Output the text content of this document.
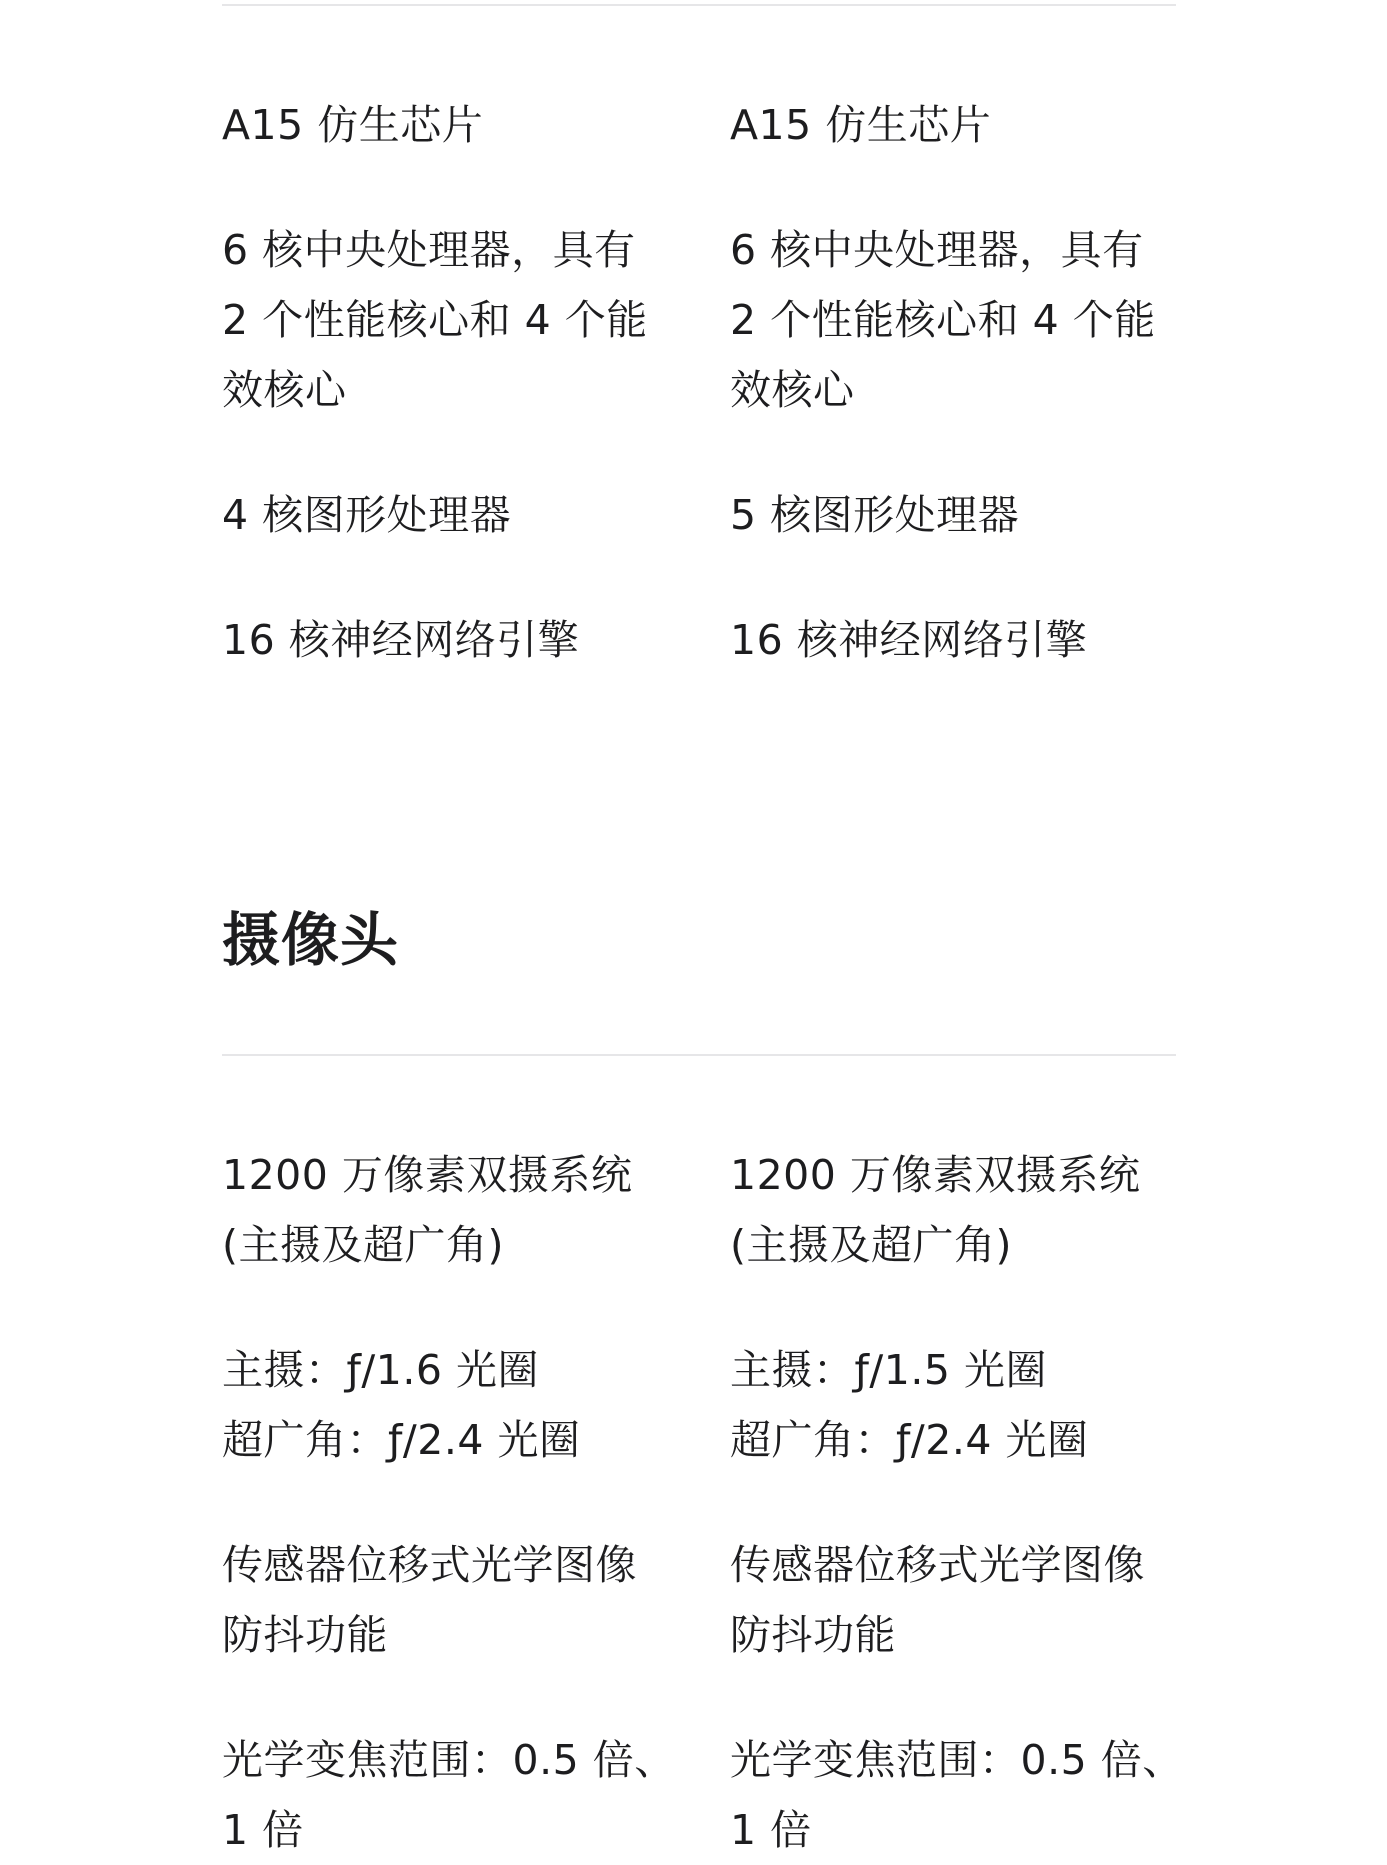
A15 仿生芯片

6 核中央处理器，具有

2 个性能核心和 4 个能

效核心

4 核图形处理器

16 核神经网络引擎

A15 仿生芯片

6 核中央处理器，具有

2 个性能核心和 4 个能

效核心

5 核图形处理器

16 核神经网络引擎

摄像头

1200 万像素双摄系统

(主摄及超广角)

主摄：ƒ/1.6 光圈

超广角：ƒ/2.4 光圈

传感器位移式光学图像

防抖功能

光学变焦范围：0.5 倍、

1 倍

1200 万像素双摄系统

(主摄及超广角)

主摄：ƒ/1.5 光圈

超广角：ƒ/2.4 光圈

传感器位移式光学图像

防抖功能

光学变焦范围：0.5 倍、

1 倍
